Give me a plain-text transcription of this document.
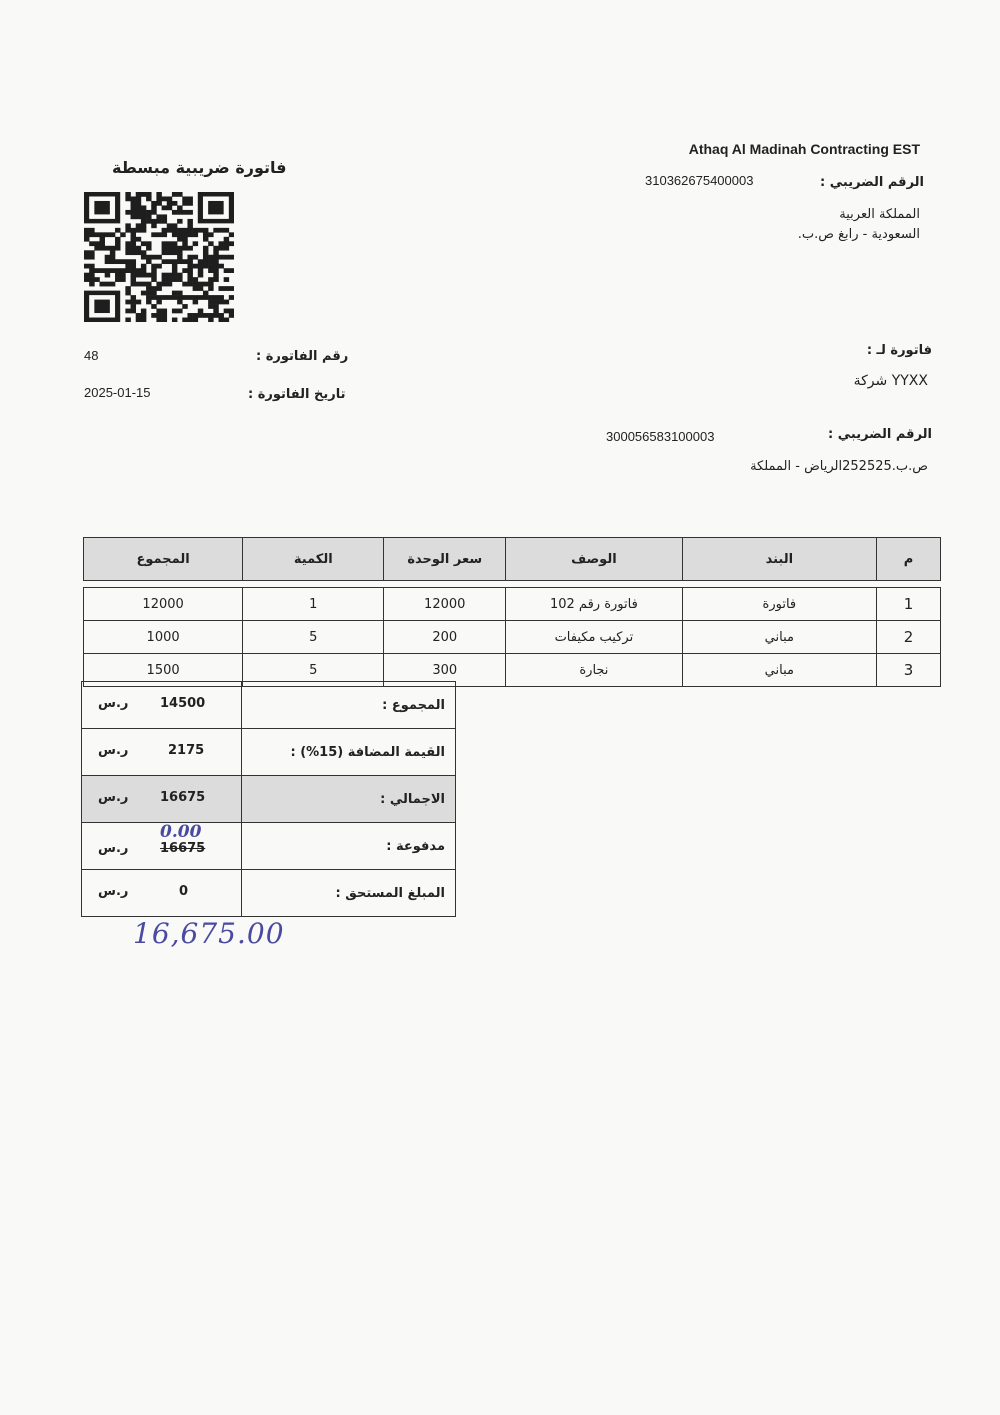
Athaq Al Madinah Contracting EST
فاتورة ضريبية مبسطة
الرقم الضريبي :
310362675400003
المملكة العربية
السعودية - رابغ ص.ب.
رقم الفاتورة :
48
تاريخ الفاتورة :
2025-01-15
فاتورة لـ :
YYXX شركة
الرقم الضريبي :
300056583100003
ص.ب.252525الرياض - المملكة
م	البند	الوصف	سعر الوحدة	الكمية	المجموع

1	فاتورة	فاتورة رقم 102	12000	1	12000
2	مباني	تركيب مكيفات	200	5	1000
3	مباني	نجارة	300	5	1500
المجموع :	14500
ر.س

القيمة المضافة (15%) :	2175
ر.س

الاجمالي :	16675
ر.س

مدفوعة :	0.00
16675
ر.س

المبلغ المستحق :	0
ر.س
16,675.00
